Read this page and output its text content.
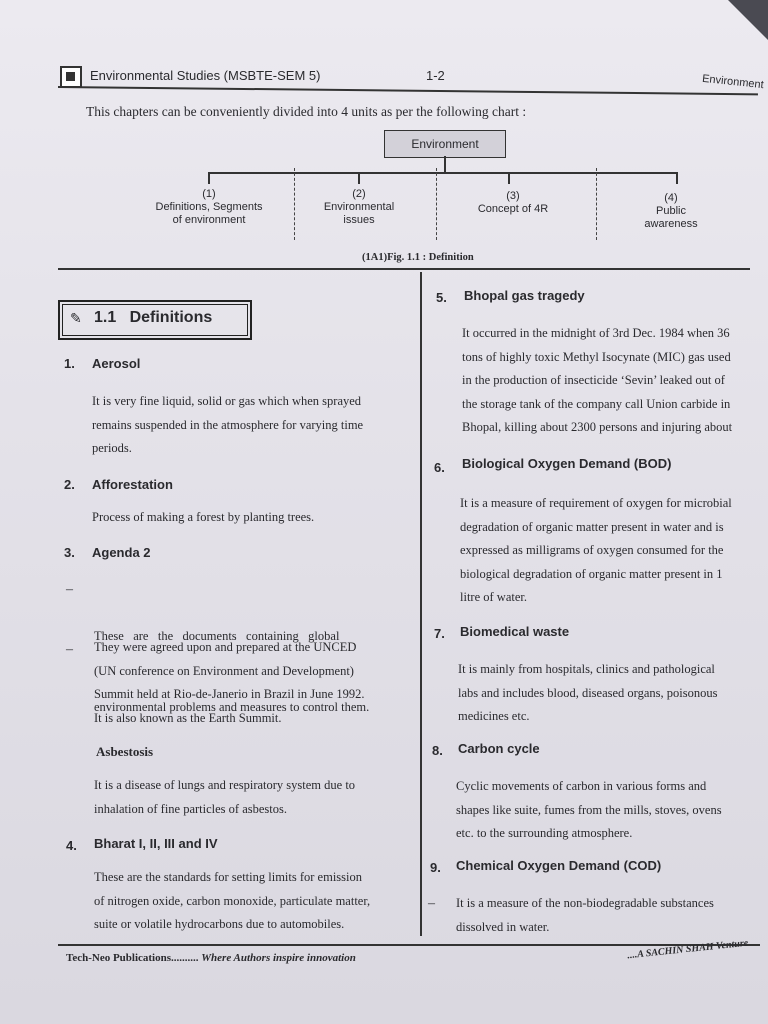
Environmental Studies (MSBTE-SEM 5)	1-2	Environment
This chapters can be conveniently divided into 4 units as per the following chart :
Environment
(1)
Definitions, Segments
of environment
(2)
Environmental
issues
(3)
Concept of 4R
(4)
Public
awareness
(1A1)Fig. 1.1 : Definition
✎ 1.1   Definitions
1. Aerosol
It is very fine liquid, solid or gas which when sprayed
remains suspended in the atmosphere for varying time
periods.
2. Afforestation
Process of making a forest by planting trees.
3. Agenda 2
–

These   are   the   documents   containing   global

environmental problems and measures to control them.

– They were agreed upon and prepared at the UNCED
(UN conference on Environment and Development)
Summit held at Rio-de-Janerio in Brazil in June 1992.
It is also known as the Earth Summit.
Asbestosis
It is a disease of lungs and respiratory system due to
inhalation of fine particles of asbestos.
4. Bharat I, II, III and IV
These are the standards for setting limits for emission
of nitrogen oxide, carbon monoxide, particulate matter,
suite or volatile hydrocarbons due to automobiles.
5. Bhopal gas tragedy
It occurred in the midnight of 3rd Dec. 1984 when 36
tons of highly toxic Methyl Isocynate (MIC) gas used
in the production of insecticide ‘Sevin’ leaked out of
the storage tank of the company call Union carbide in
Bhopal, killing about 2300 persons and injuring about
6. Biological Oxygen Demand (BOD)
It is a measure of requirement of oxygen for microbial
degradation of organic matter present in water and is
expressed as milligrams of oxygen consumed for the
biological degradation of organic matter present in 1
litre of water.
7. Biomedical waste
It is mainly from hospitals, clinics and pathological
labs and includes blood, diseased organs, poisonous
medicines etc.
8. Carbon cycle
Cyclic movements of carbon in various forms and
shapes like suite, fumes from the mills, stoves, ovens
etc. to the surrounding atmosphere.
9. Chemical Oxygen Demand (COD)
– It is a measure of the non-biodegradable substances
dissolved in water.
Tech-Neo Publications.......... Where Authors inspire innovation	....A SACHIN SHAH Venture
